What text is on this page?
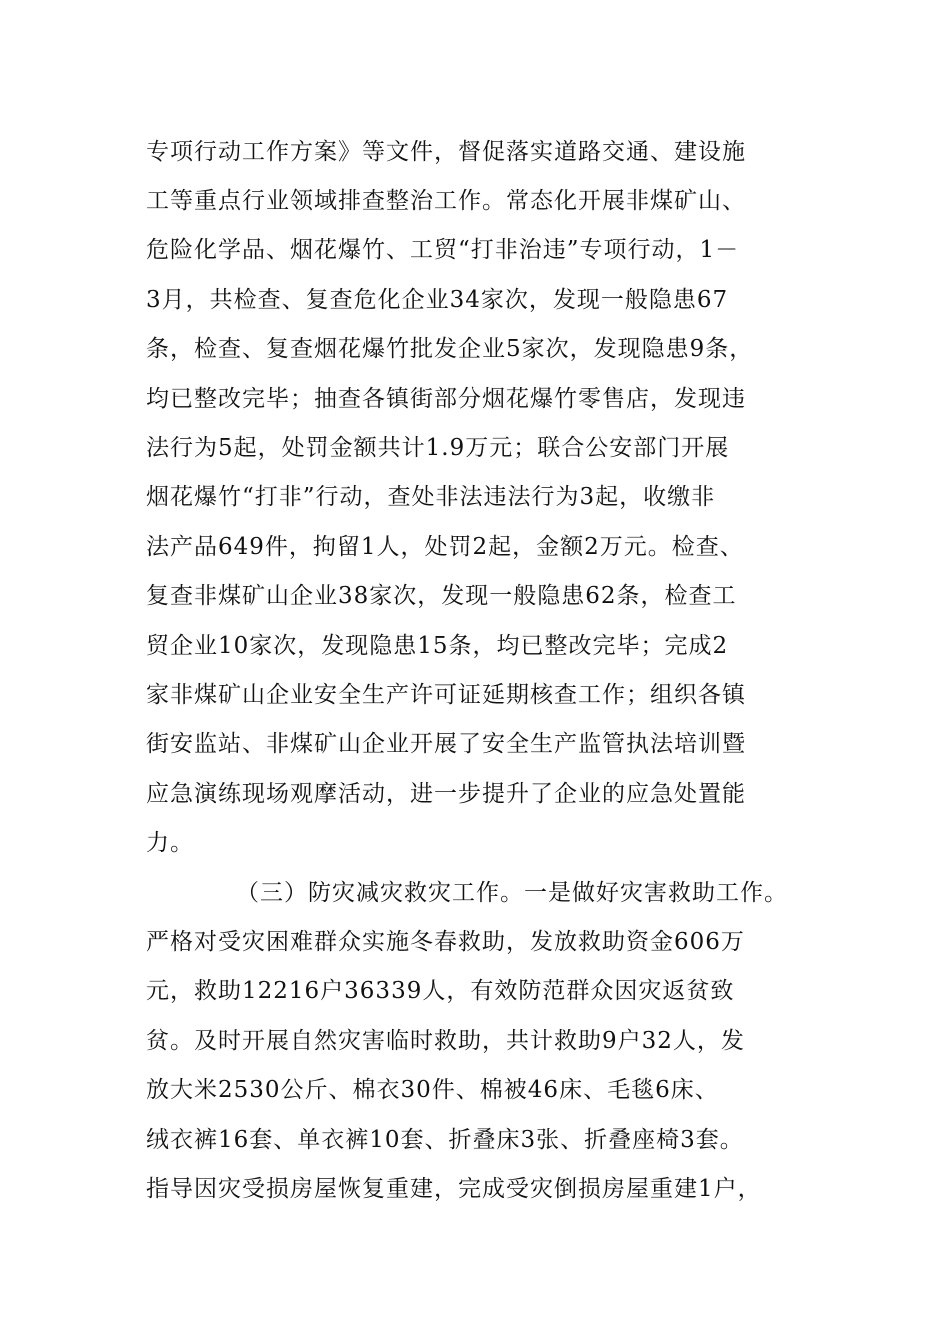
专项行动工作方案》等文件，督促落实道路交通、建设施
工等重点行业领域排查整治工作。常态化开展非煤矿山、
危险化学品、烟花爆竹、工贸“打非治违”专项行动，1－
3月，共检查、复查危化企业34家次，发现一般隐患67
条，检查、复查烟花爆竹批发企业5家次，发现隐患9条，
均已整改完毕；抽查各镇街部分烟花爆竹零售店，发现违
法行为5起，处罚金额共计1.9万元；联合公安部门开展
烟花爆竹“打非”行动，查处非法违法行为3起，收缴非
法产品649件，拘留1人，处罚2起，金额2万元。检查、
复查非煤矿山企业38家次，发现一般隐患62条，检查工
贸企业10家次，发现隐患15条，均已整改完毕；完成2
家非煤矿山企业安全生产许可证延期核查工作；组织各镇
街安监站、非煤矿山企业开展了安全生产监管执法培训暨
应急演练现场观摩活动，进一步提升了企业的应急处置能
力。
（三）防灾减灾救灾工作。一是做好灾害救助工作。
严格对受灾困难群众实施冬春救助，发放救助资金606万
元，救助12216户36339人，有效防范群众因灾返贫致
贫。及时开展自然灾害临时救助，共计救助9户32人，发
放大米2530公斤、棉衣30件、棉被46床、毛毯6床、
绒衣裤16套、单衣裤10套、折叠床3张、折叠座椅3套。
指导因灾受损房屋恢复重建，完成受灾倒损房屋重建1户，
